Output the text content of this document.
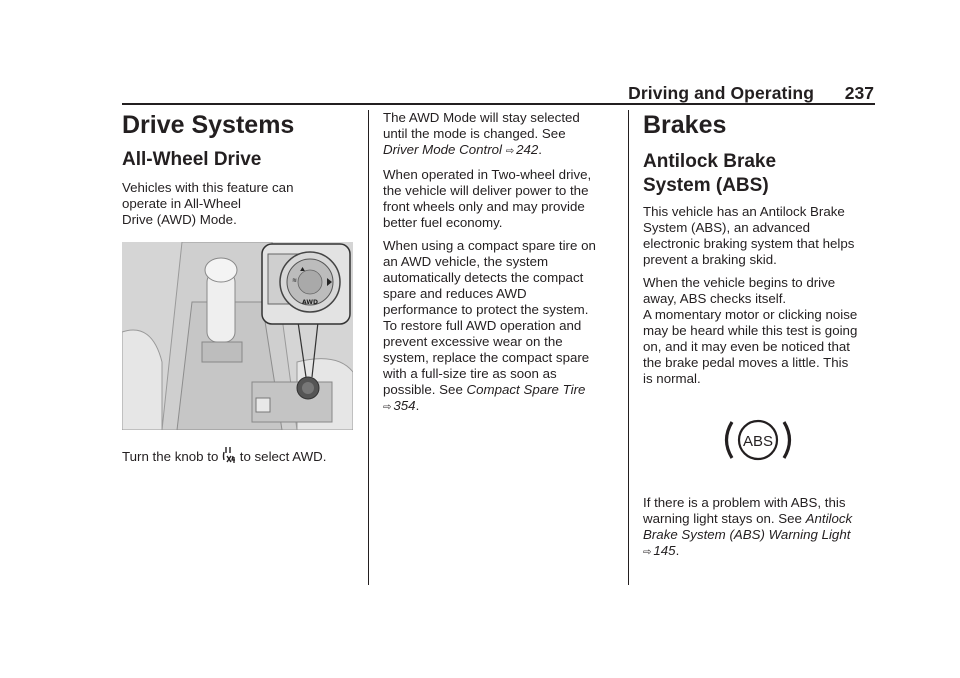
Driving and Operating 237
Drive Systems
All-Wheel Drive

Vehicles with this feature can

operate in All-Wheel

Drive (AWD) Mode.

⛰
≋
AWD

Turn the knob to to select AWD.

The AWD Mode will stay selected

until the mode is changed. See

Driver Mode Control ⇨ 242.

When operated in Two-wheel drive,

the vehicle will deliver power to the

front wheels only and may provide

better fuel economy.

When using a compact spare tire on

an AWD vehicle, the system

automatically detects the compact

spare and reduces AWD

performance to protect the system.

To restore full AWD operation and

prevent excessive wear on the

system, replace the compact spare

with a full-size tire as soon as

possible. See Compact Spare Tire

⇨ 354.

Brakes
Antilock Brake
System (ABS)

This vehicle has an Antilock Brake

System (ABS), an advanced

electronic braking system that helps

prevent a braking skid.

When the vehicle begins to drive

away, ABS checks itself.

A momentary motor or clicking noise

may be heard while this test is going

on, and it may even be noticed that

the brake pedal moves a little. This

is normal.

ABS

If there is a problem with ABS, this

warning light stays on. See Antilock

Brake System (ABS) Warning Light

⇨ 145.
